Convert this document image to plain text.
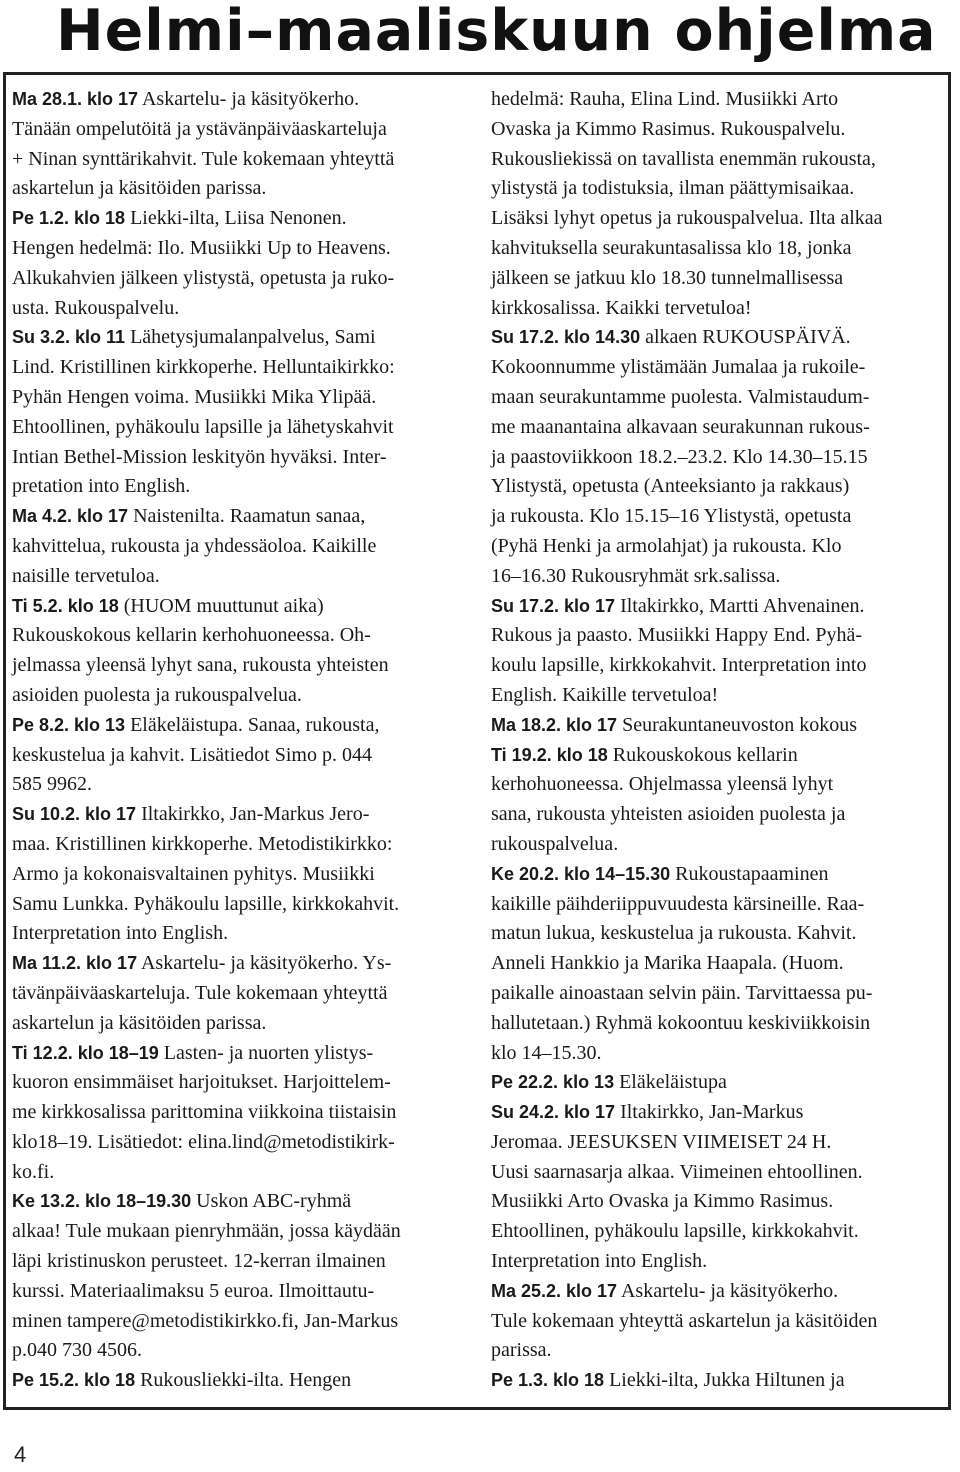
Helmi–maaliskuun ohjelma
Ma 28.1. klo 17 Askartelu- ja käsityökerho.
Tänään ompelutöitä ja ystävänpäiväaskarteluja
+ Ninan synttärikahvit. Tule kokemaan yhteyttä
askartelun ja käsitöiden parissa.
Pe 1.2. klo 18 Liekki-ilta, Liisa Nenonen.
Hengen hedelmä: Ilo. Musiikki Up to Heavens.
Alkukahvien jälkeen ylistystä, opetusta ja ruko-
usta. Rukouspalvelu.
Su 3.2. klo 11 Lähetysjumalanpalvelus, Sami
Lind. Kristillinen kirkkoperhe. Helluntaikirkko:
Pyhän Hengen voima. Musiikki Mika Ylipää.
Ehtoollinen, pyhäkoulu lapsille ja lähetyskahvit
Intian Bethel-Mission leskityön hyväksi. Inter-
pretation into English.
Ma 4.2. klo 17 Naistenilta. Raamatun sanaa,
kahvittelua, rukousta ja yhdessäoloa. Kaikille
naisille tervetuloa.
Ti 5.2. klo 18 (HUOM muuttunut aika)
Rukouskokous kellarin kerhohuoneessa. Oh-
jelmassa yleensä lyhyt sana, rukousta yhteisten
asioiden puolesta ja rukouspalvelua.
Pe 8.2. klo 13 Eläkeläistupa. Sanaa, rukousta,
keskustelua ja kahvit. Lisätiedot Simo p. 044
585 9962.
Su 10.2. klo 17 Iltakirkko, Jan-Markus Jero-
maa. Kristillinen kirkkoperhe. Metodistikirkko:
Armo ja kokonaisvaltainen pyhitys. Musiikki
Samu Lunkka. Pyhäkoulu lapsille, kirkkokahvit.
Interpretation into English.
Ma 11.2. klo 17 Askartelu- ja käsityökerho. Ys-
tävänpäiväaskarteluja. Tule kokemaan yhteyttä
askartelun ja käsitöiden parissa.
Ti 12.2. klo 18–19 Lasten- ja nuorten ylistys-
kuoron ensimmäiset harjoitukset. Harjoittelem-
me kirkkosalissa parittomina viikkoina tiistaisin
klo18–19. Lisätiedot: elina.lind@metodistikirk-
ko.fi.
Ke 13.2. klo 18–19.30 Uskon ABC-ryhmä
alkaa! Tule mukaan pienryhmään, jossa käydään
läpi kristinuskon perusteet. 12-kerran ilmainen
kurssi. Materiaalimaksu 5 euroa. Ilmoittautu-
minen tampere@metodistikirkko.fi, Jan-Markus
p.040 730 4506.
Pe 15.2. klo 18 Rukousliekki-ilta. Hengen
hedelmä: Rauha, Elina Lind. Musiikki Arto
Ovaska ja Kimmo Rasimus. Rukouspalvelu.
Rukousliekissä on tavallista enemmän rukousta,
ylistystä ja todistuksia, ilman päättymisaikaa.
Lisäksi lyhyt opetus ja rukouspalvelua. Ilta alkaa
kahvituksella seurakuntasalissa klo 18, jonka
jälkeen se jatkuu klo 18.30 tunnelmallisessa
kirkkosalissa. Kaikki tervetuloa!
Su 17.2. klo 14.30 alkaen RUKOUSPÄIVÄ.
Kokoonnumme ylistämään Jumalaa ja rukoile-
maan seurakuntamme puolesta. Valmistaudum-
me maanantaina alkavaan seurakunnan rukous-
ja paastoviikkoon 18.2.–23.2. Klo 14.30–15.15
Ylistystä, opetusta (Anteeksianto ja rakkaus)
ja rukousta. Klo 15.15–16 Ylistystä, opetusta
(Pyhä Henki ja armolahjat) ja rukousta. Klo
16–16.30 Rukousryhmät srk.salissa.
Su 17.2. klo 17 Iltakirkko, Martti Ahvenainen.
Rukous ja paasto. Musiikki Happy End. Pyhä-
koulu lapsille, kirkkokahvit. Interpretation into
English. Kaikille tervetuloa!
Ma 18.2. klo 17 Seurakuntaneuvoston kokous
Ti 19.2. klo 18 Rukouskokous kellarin
kerhohuoneessa. Ohjelmassa yleensä lyhyt
sana, rukousta yhteisten asioiden puolesta ja
rukouspalvelua.
Ke 20.2. klo 14–15.30 Rukoustapaaminen
kaikille päihderiippuvuudesta kärsineille. Raa-
matun lukua, keskustelua ja rukousta. Kahvit.
Anneli Hankkio ja Marika Haapala. (Huom.
paikalle ainoastaan selvin päin. Tarvittaessa pu-
hallutetaan.) Ryhmä kokoontuu keskiviikkoisin
klo 14–15.30.
Pe 22.2. klo 13 Eläkeläistupa
Su 24.2. klo 17 Iltakirkko, Jan-Markus
Jeromaa. JEESUKSEN VIIMEISET 24 H.
Uusi saarnasarja alkaa. Viimeinen ehtoollinen.
Musiikki Arto Ovaska ja Kimmo Rasimus.
Ehtoollinen, pyhäkoulu lapsille, kirkkokahvit.
Interpretation into English.
Ma 25.2. klo 17 Askartelu- ja käsityökerho.
Tule kokemaan yhteyttä askartelun ja käsitöiden
parissa.
Pe 1.3. klo 18 Liekki-ilta, Jukka Hiltunen ja
4
